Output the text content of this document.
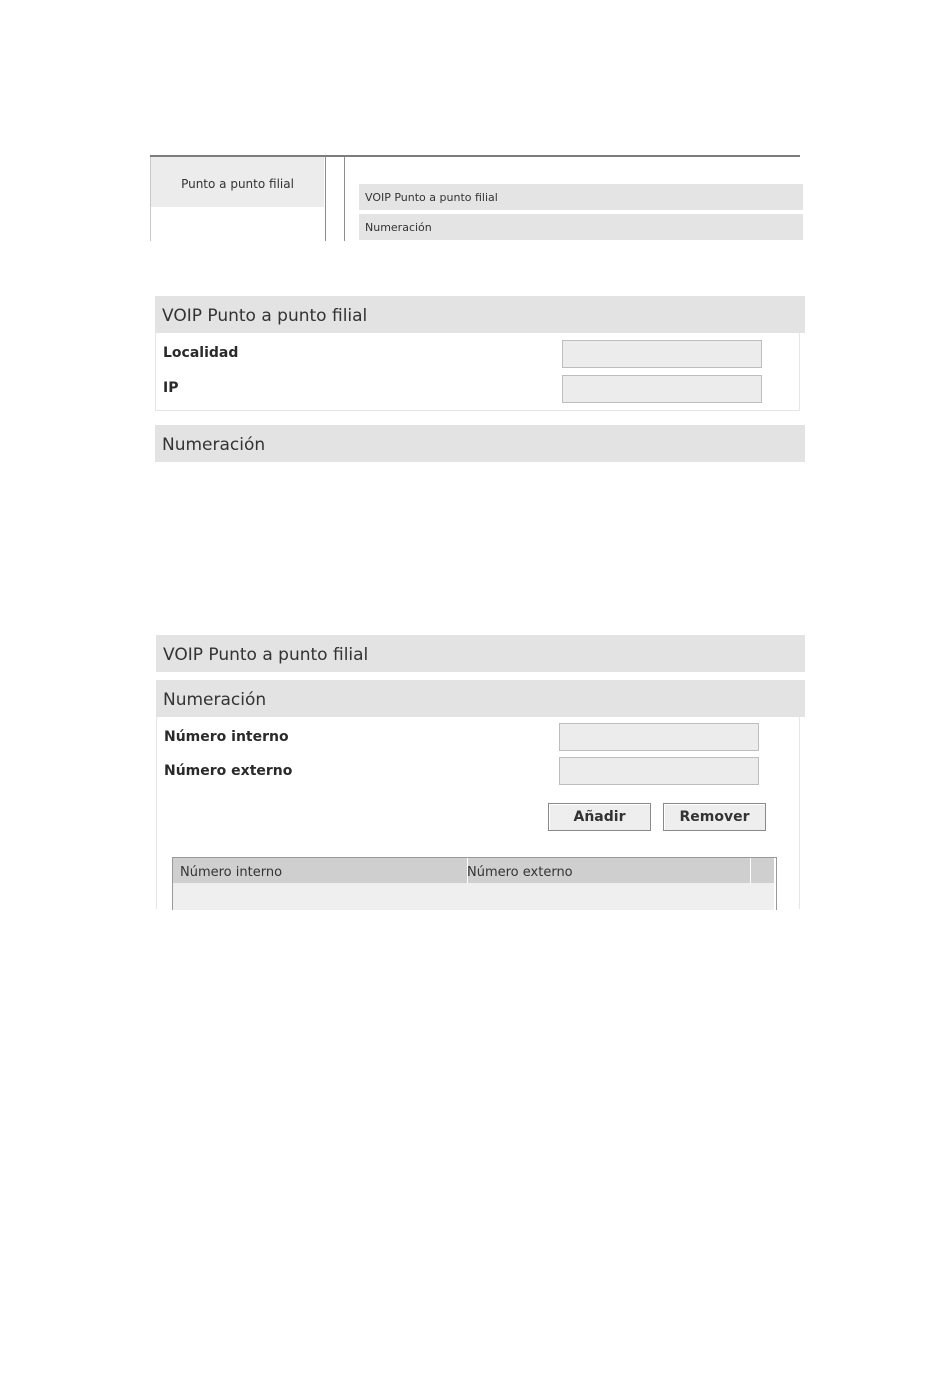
Punto a punto filial
VOIP Punto a punto filial
Numeración
VOIP Punto a punto filial
Localidad
IP
Numeración
VOIP Punto a punto filial
Numeración
Número interno
Número externo
Añadir	Remover
Número interno	Número externo
